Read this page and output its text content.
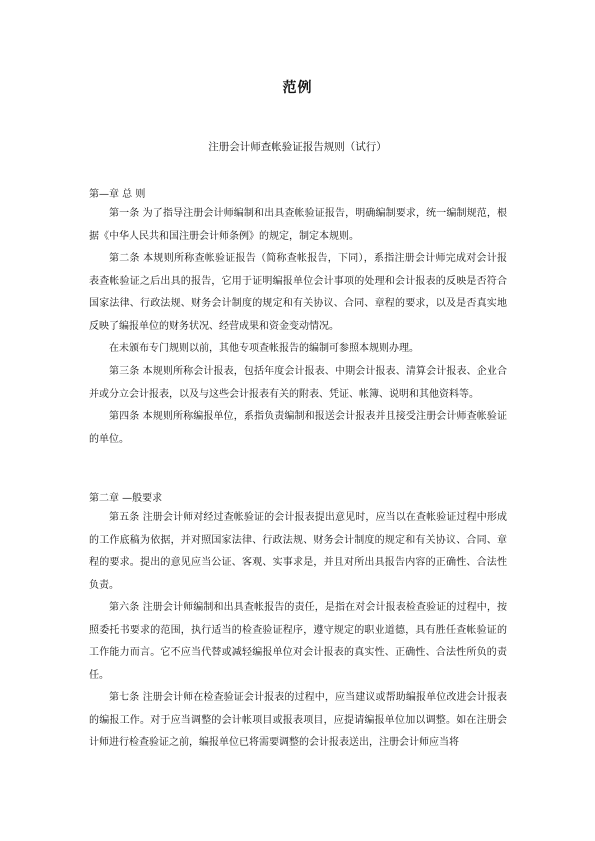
范例
注册会计师查帐验证报告规则（试行）
第—章 总 则
第一条 为了指导注册会计师编制和出具查帐验证报告，明确编制要求，统一编制规范，根据《中华人民共和国注册会计师条例》的规定，制定本规则。
第二条 本规则所称查帐验证报告（简称查帐报告，下同），系指注册会计师完成对会计报表查帐验证之后出具的报告，它用于证明编报单位会计事项的处理和会计报表的反映是否符合国家法律、行政法规、财务会计制度的规定和有关协议、合同、章程的要求，以及是否真实地反映了编报单位的财务状况、经营成果和资金变动情况。
在未颁布专门规则以前，其他专项查帐报告的编制可参照本规则办理。
第三条 本规则所称会计报表，包括年度会计报表、中期会计报表、清算会计报表、企业合并或分立会计报表，以及与这些会计报表有关的附表、凭证、帐簿、说明和其他资料等。
第四条 本规则所称编报单位，系指负责编制和报送会计报表并且接受注册会计师查帐验证的单位。
第二章 —般要求
第五条 注册会计师对经过查帐验证的会计报表提出意见时，应当以在查帐验证过程中形成的工作底稿为依据，并对照国家法律、行政法规、财务会计制度的规定和有关协议、合同、章程的要求。提出的意见应当公证、客观、实事求是，并且对所出具报告内容的正确性、合法性负责。
第六条 注册会计师编制和出具查帐报告的责任，是指在对会计报表检查验证的过程中，按照委托书要求的范围，执行适当的检查验证程序，遵守规定的职业道德，具有胜任查帐验证的工作能力而言。它不应当代替或减轻编报单位对会计报表的真实性、正确性、合法性所负的责任。
第七条 注册会计师在检查验证会计报表的过程中，应当建议或帮助编报单位改进会计报表的编报工作。对于应当调整的会计帐项目或报表项目，应提请编报单位加以调整。如在注册会计师进行检查验证之前，编报单位已将需要调整的会计报表送出，注册会计师应当将
